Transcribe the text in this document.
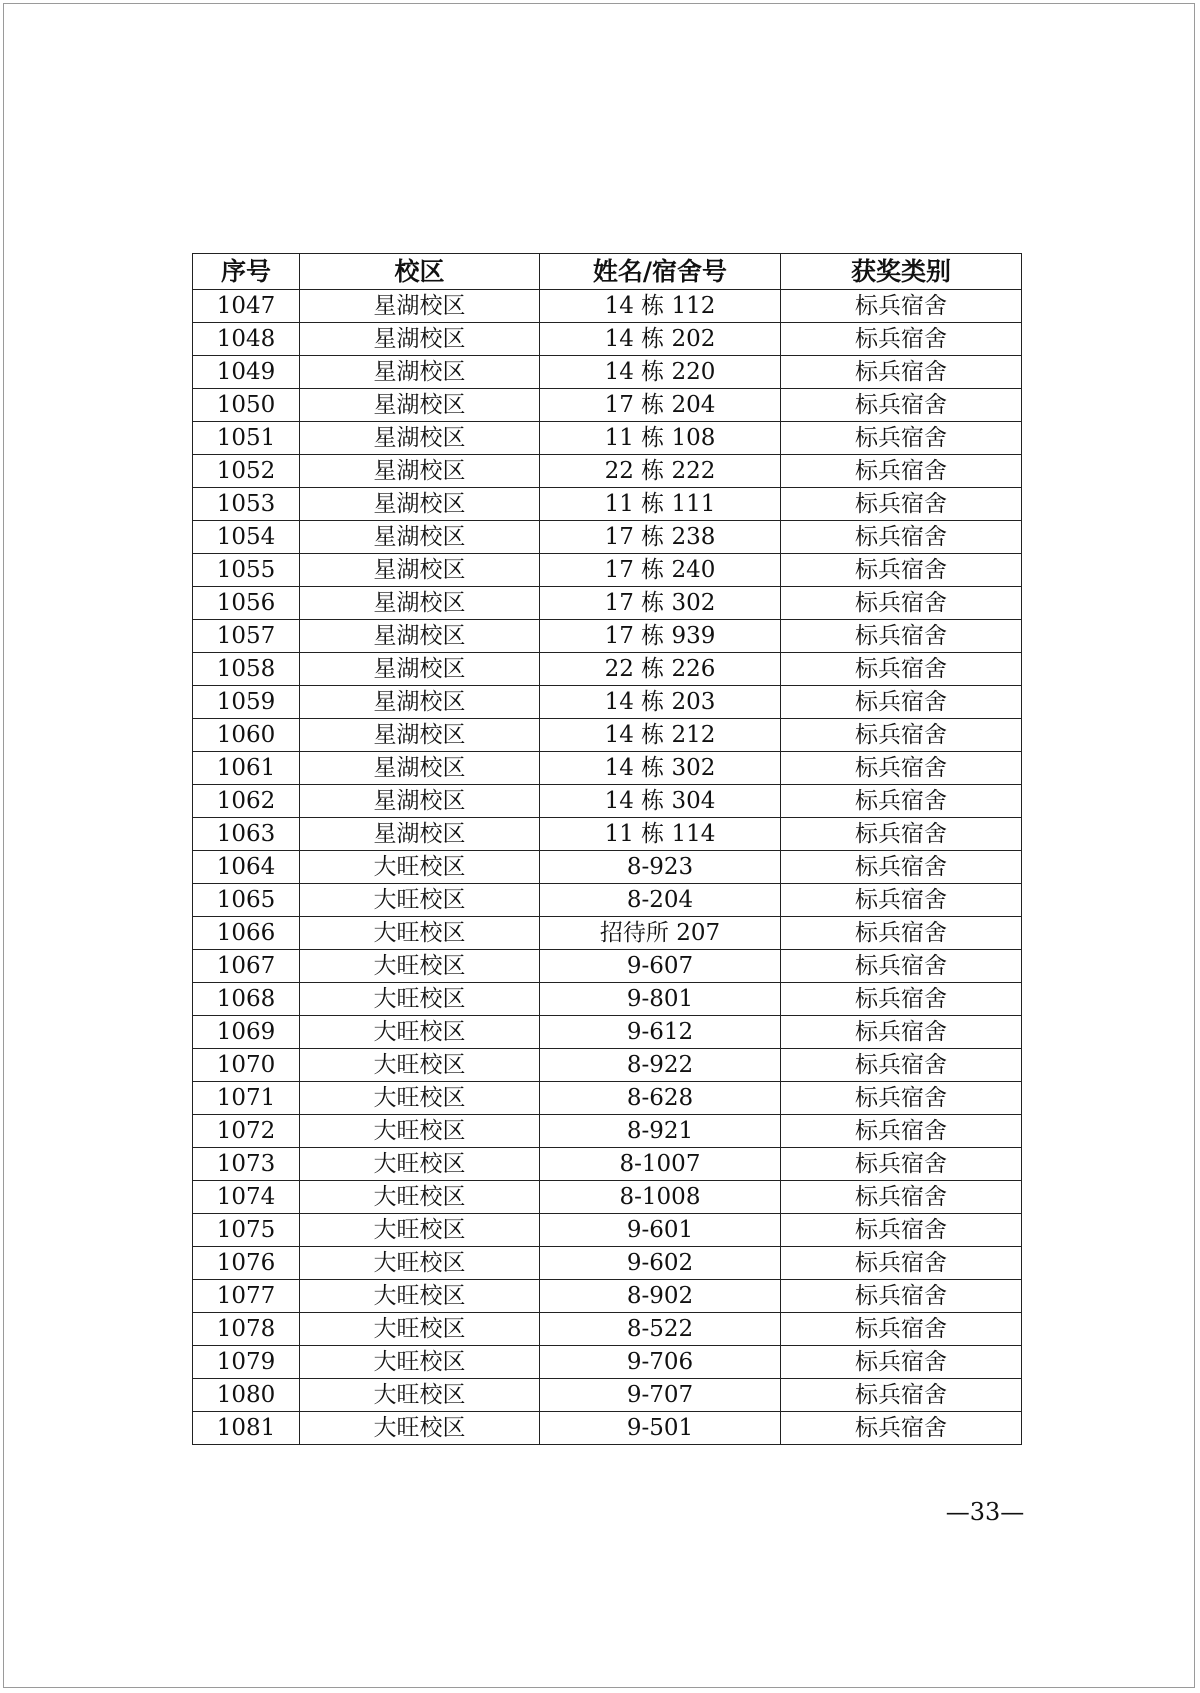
序号	校区	姓名/宿舍号	获奖类别
1047	星湖校区	14 栋 112	标兵宿舍
1048	星湖校区	14 栋 202	标兵宿舍
1049	星湖校区	14 栋 220	标兵宿舍
1050	星湖校区	17 栋 204	标兵宿舍
1051	星湖校区	11 栋 108	标兵宿舍
1052	星湖校区	22 栋 222	标兵宿舍
1053	星湖校区	11 栋 111	标兵宿舍
1054	星湖校区	17 栋 238	标兵宿舍
1055	星湖校区	17 栋 240	标兵宿舍
1056	星湖校区	17 栋 302	标兵宿舍
1057	星湖校区	17 栋 939	标兵宿舍
1058	星湖校区	22 栋 226	标兵宿舍
1059	星湖校区	14 栋 203	标兵宿舍
1060	星湖校区	14 栋 212	标兵宿舍
1061	星湖校区	14 栋 302	标兵宿舍
1062	星湖校区	14 栋 304	标兵宿舍
1063	星湖校区	11 栋 114	标兵宿舍
1064	大旺校区	8-923	标兵宿舍
1065	大旺校区	8-204	标兵宿舍
1066	大旺校区	招待所 207	标兵宿舍
1067	大旺校区	9-607	标兵宿舍
1068	大旺校区	9-801	标兵宿舍
1069	大旺校区	9-612	标兵宿舍
1070	大旺校区	8-922	标兵宿舍
1071	大旺校区	8-628	标兵宿舍
1072	大旺校区	8-921	标兵宿舍
1073	大旺校区	8-1007	标兵宿舍
1074	大旺校区	8-1008	标兵宿舍
1075	大旺校区	9-601	标兵宿舍
1076	大旺校区	9-602	标兵宿舍
1077	大旺校区	8-902	标兵宿舍
1078	大旺校区	8-522	标兵宿舍
1079	大旺校区	9-706	标兵宿舍
1080	大旺校区	9-707	标兵宿舍
1081	大旺校区	9-501	标兵宿舍
—33—
